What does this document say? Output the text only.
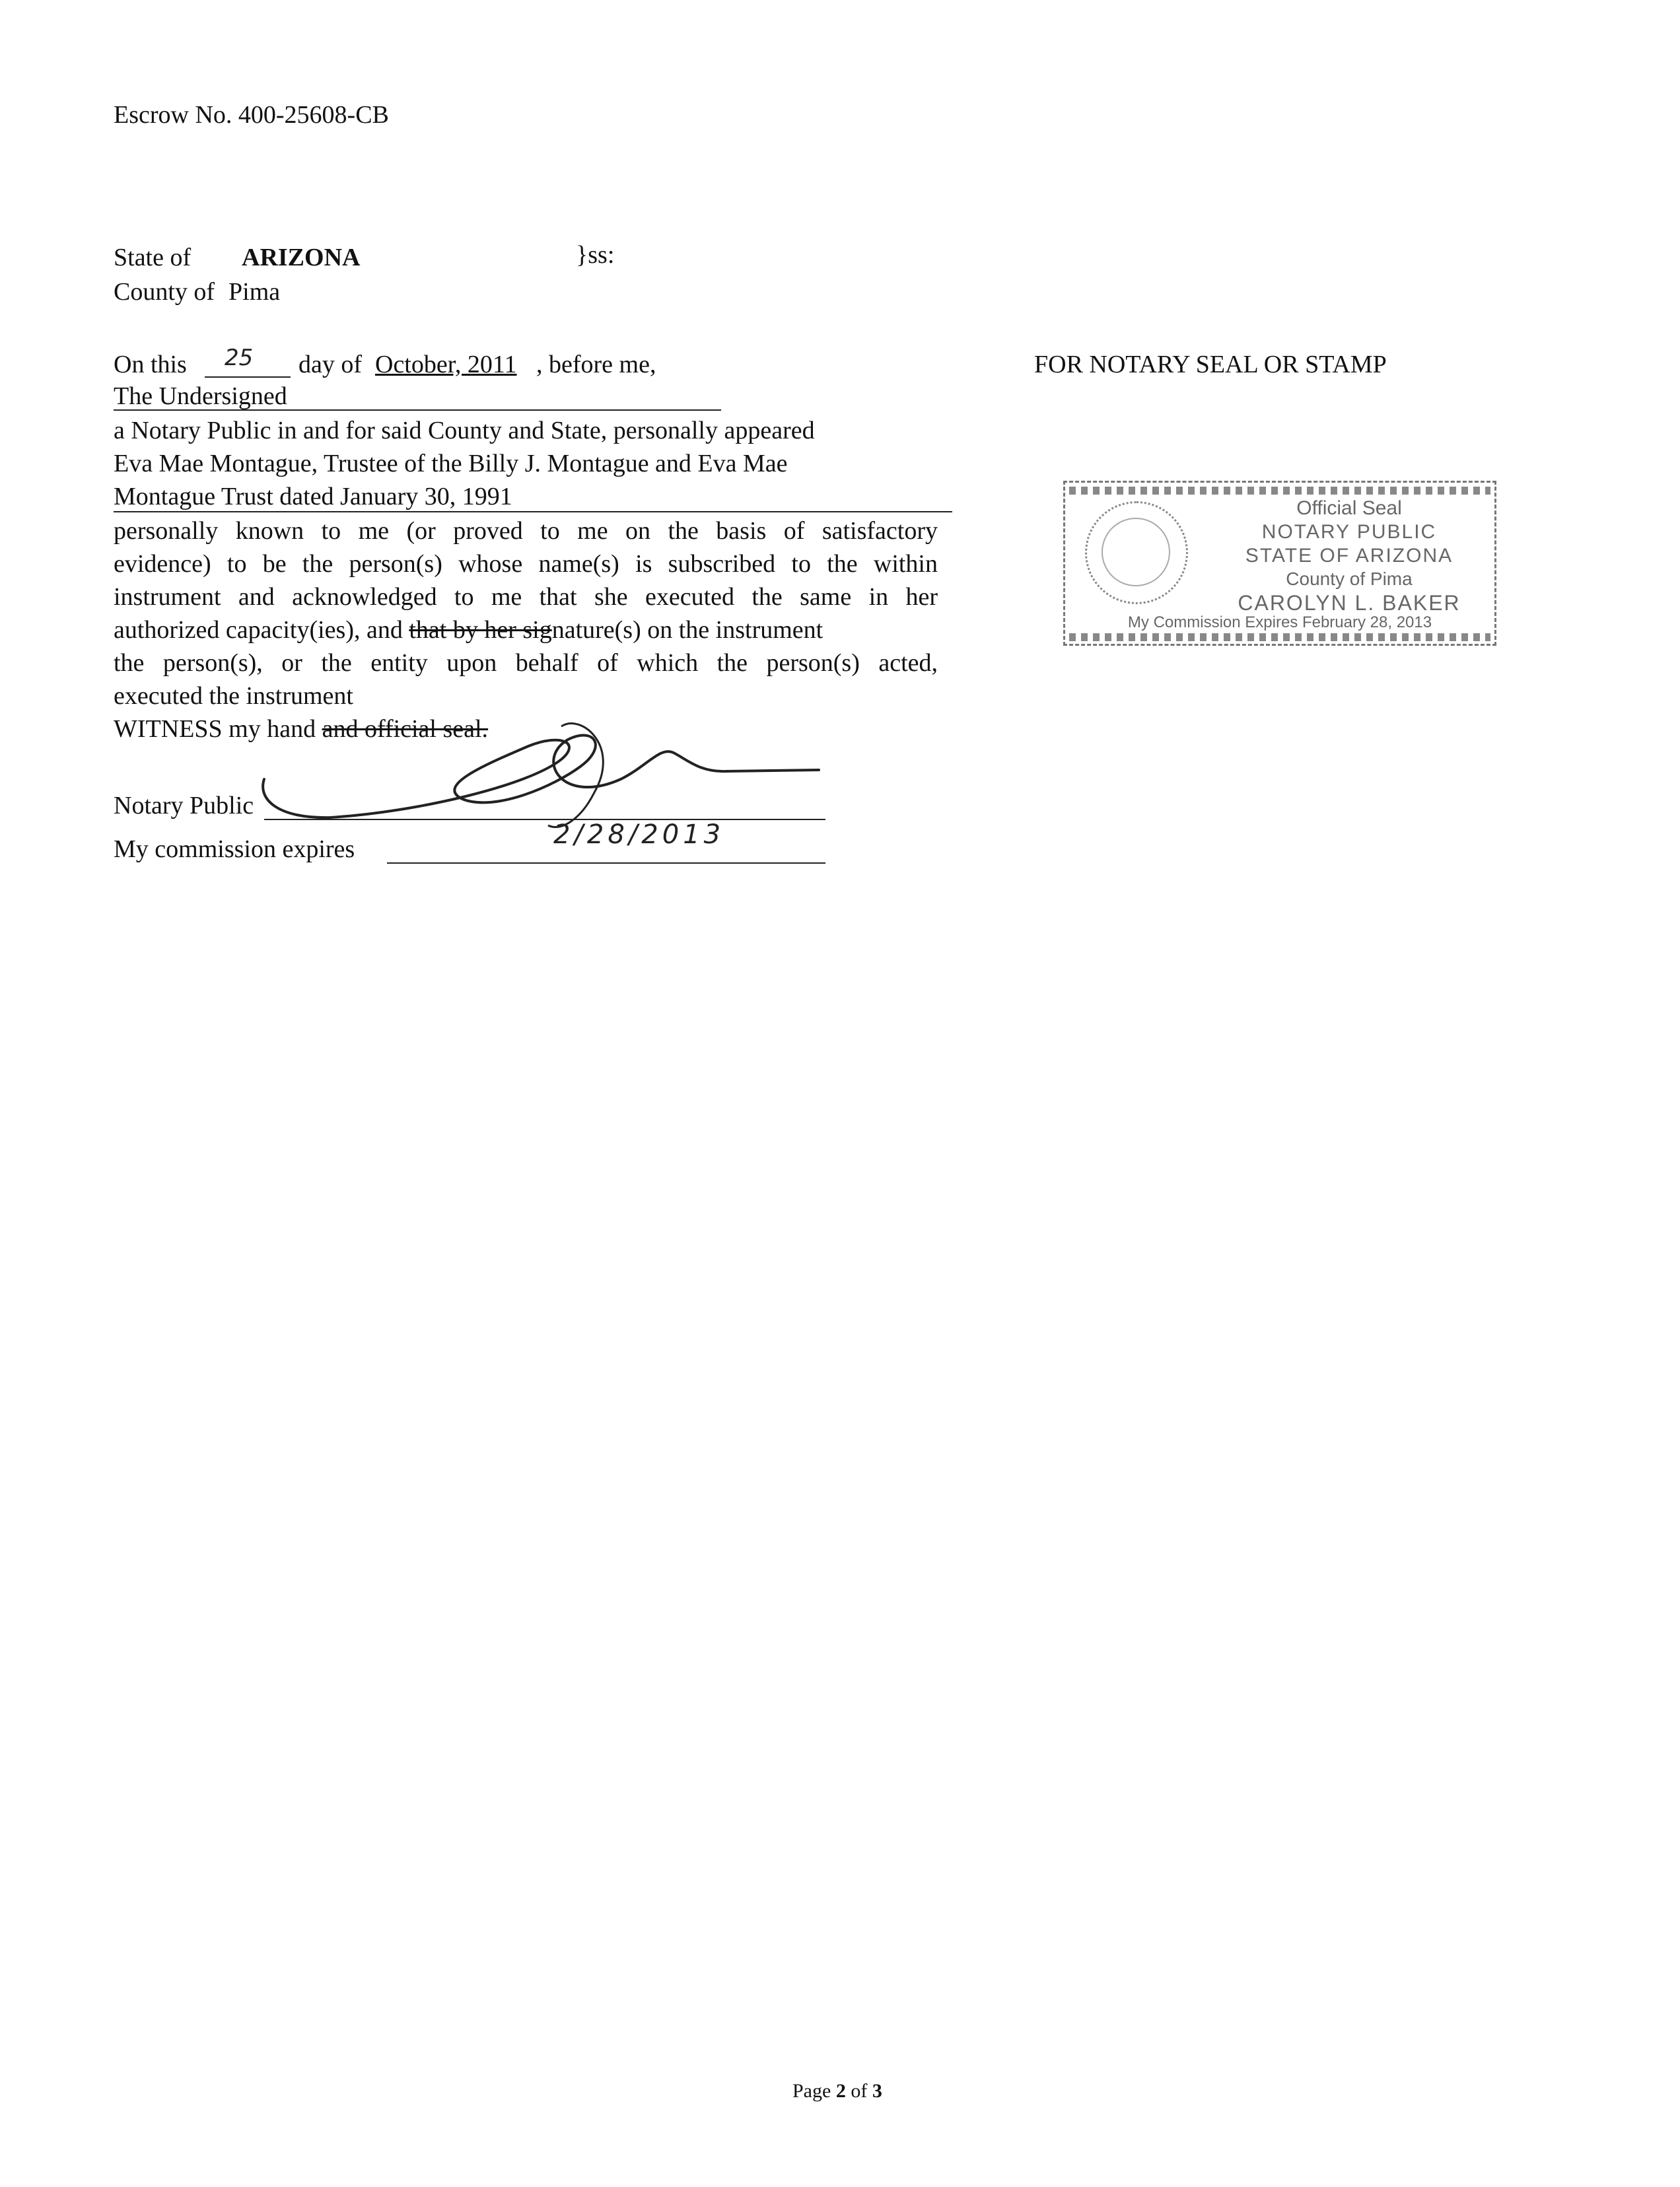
Escrow No. 400-25608-CB
State of ARIZONA	}ss:
County of Pima
On this 25 day of October, 2011 , before me,
The Undersigned
a Notary Public in and for said County and State, personally appeared
Eva Mae Montague, Trustee of the Billy J. Montague and Eva Mae
Montague Trust dated January 30, 1991
personally known to me (or proved to me on the basis of satisfactory
evidence) to be the person(s) whose name(s) is subscribed to the within
instrument and acknowledged to me that she executed the same in her
authorized capacity(ies), and that by her signature(s) on the instrument
the person(s), or the entity upon behalf of which the person(s) acted,
executed the instrument
WITNESS my hand and official seal.
Notary Public
My commission expires	2/28/2013
FOR NOTARY SEAL OR STAMP
Official Seal
NOTARY PUBLIC
STATE OF ARIZONA
County of Pima
CAROLYN L. BAKER
My Commission Expires February 28, 2013
Page 2 of 3
